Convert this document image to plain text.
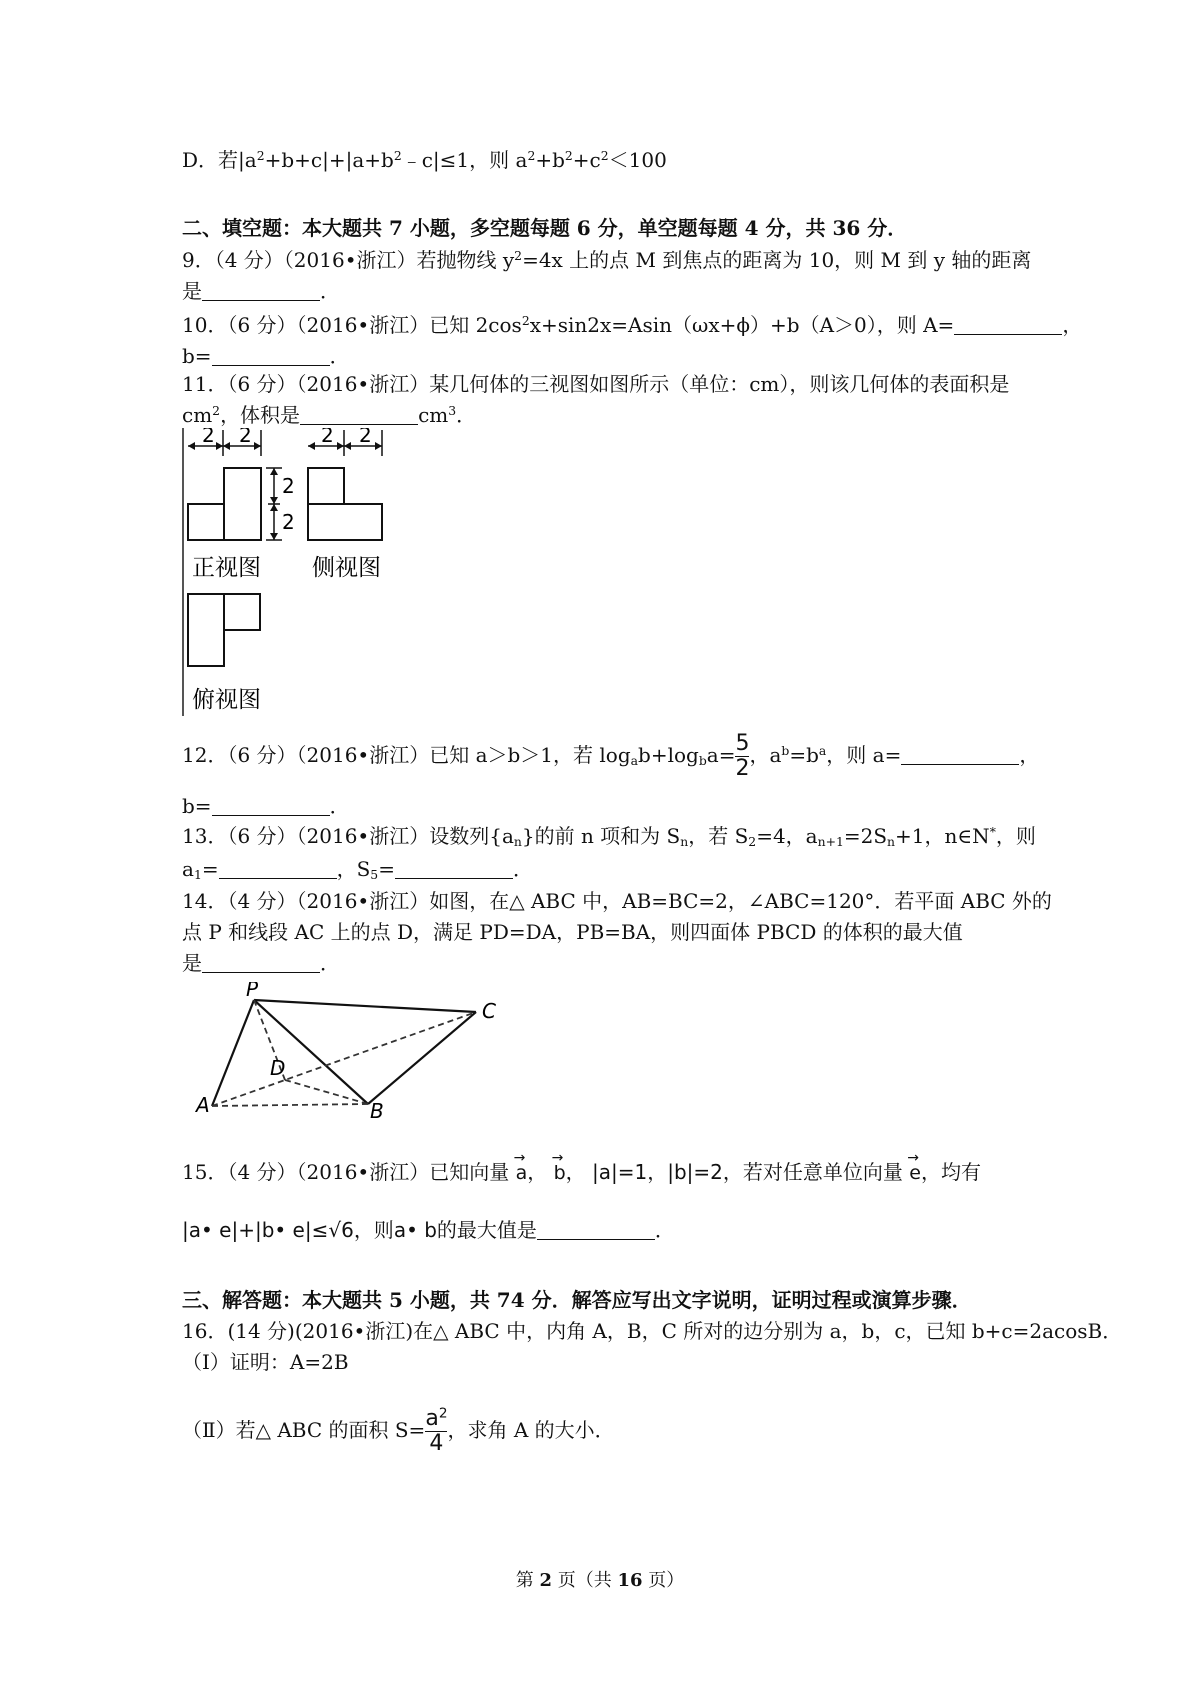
D．若$|a^2+b+c|+|a+b^2﹣c|\le 1$，则 $a^2+b^2+c^2<100$
二、填空题：本大题共 7 小题，多空题每题 6 分，单空题每题 4 分，共 36 分．
9．（4 分）（2016•浙江）若抛物线 $y^2=4x$ 上的点 M 到焦点的距离为 10，则 M 到 y 轴的距离
是	．
10．（6 分）（2016•浙江）已知 $2\cos^2x+\sin 2x=Asin(\omega x+\phi)+b(A>0)$，则 A=	，
b=	．
11．（6 分）（2016•浙江）某几何体的三视图如图所示（单位：cm），则该几何体的表面积是
$cm^2$，体积是	$cm^3$．
2 2
2
2
2 2
正视图 侧视图
俯视图
12．（6 分）（2016•浙江）已知 a＞b＞1，若 $\log_ab+\log_ba= \frac{5}{2}$ ，$a^b=b^a$，则 a=	，
b=	．
13．（6 分）（2016•浙江）设数列$\{a_n\}$的前 n 项和为 $S_n$，若 $S_2=4$，$a_{n+1}=2S_n+1$，n∈N*，则
$a_1=$	，$S_5=$	．
14．（4 分）（2016•浙江）如图，在△ ABC 中，AB=BC=2，∠ABC=120°．若平面 ABC 外的
点 P 和线段 AC 上的点 D，满足 PD=DA，PB=BA，则四面体 PBCD 的体积的最大值
是	．
P
C
D
A	B
15．（4 分）（2016•浙江）已知向量 → a， → b， |a|=1，|b|=2，若对任意单位向量 → e，均有
|a• e|+|b• e|≤√6，则a• b的最大值是	．
三、解答题：本大题共 5 小题，共 74 分．解答应写出文字说明，证明过程或演算步骤．
16．(14 分)(2016•浙江)在△ ABC 中，内角 A，B，C 所对的边分别为 a，b，c，已知 b+c=2acosB．
（Ⅰ）证明：A=2B
（Ⅱ）若△ ABC 的面积 $S= \frac{a^2}{4}$ ，求角 A 的大小．
第 2 页（共 16 页）
